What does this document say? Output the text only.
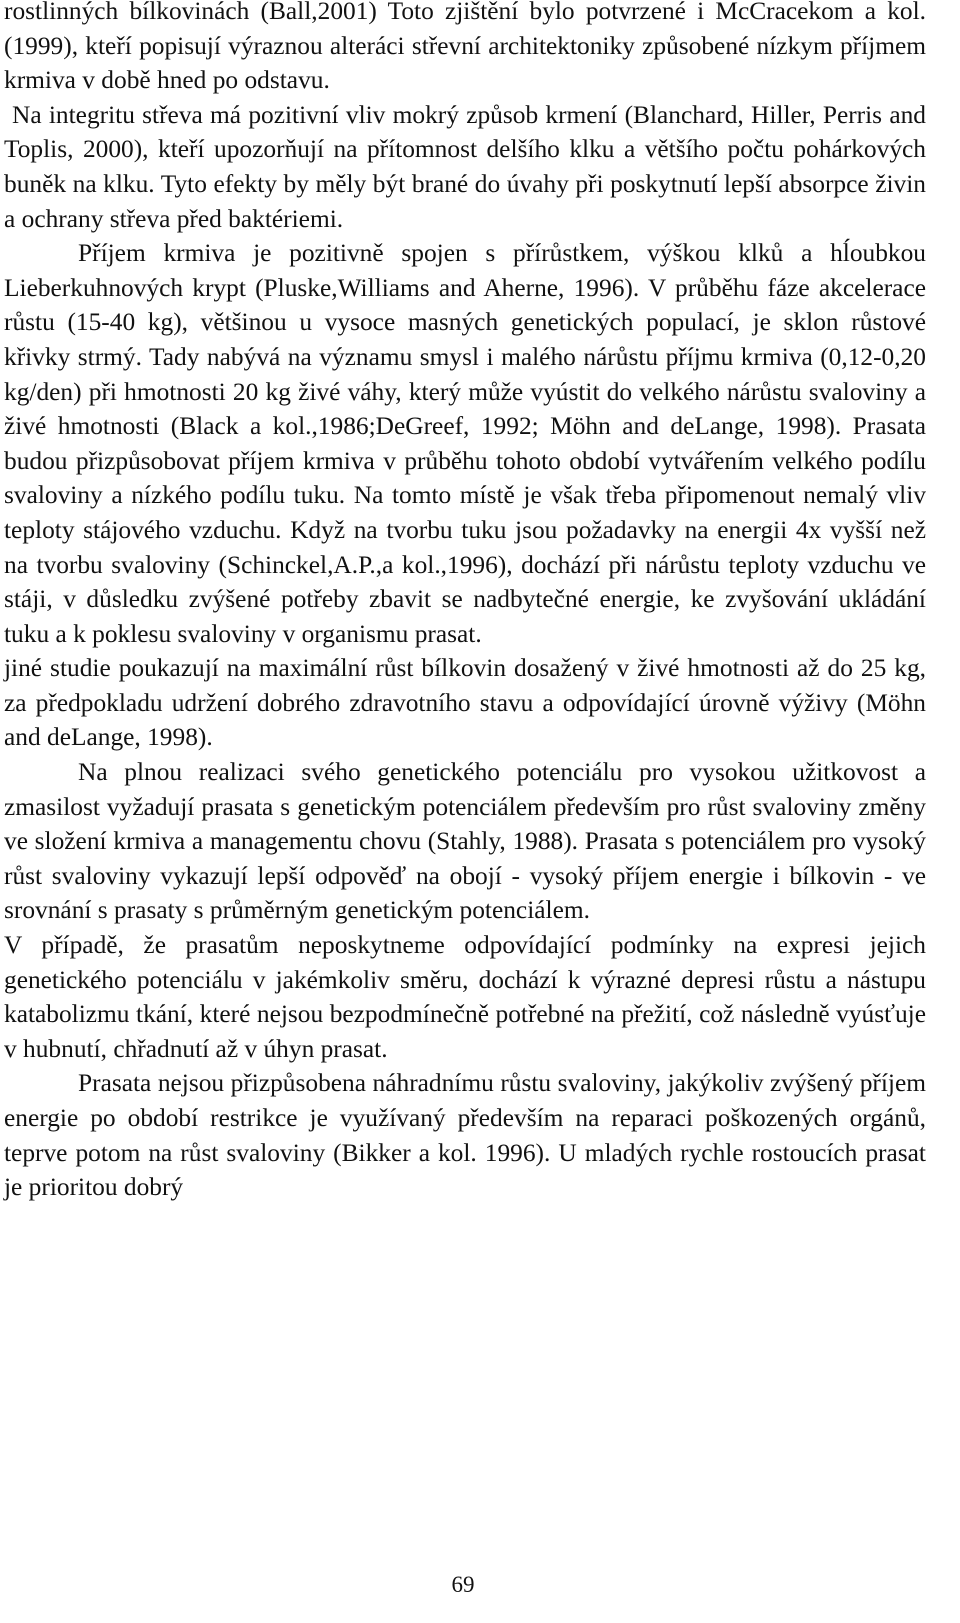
rostlinných bílkovinách (Ball,2001) Toto zjištění bylo potvrzené i McCracekom a kol. (1999), kteří popisují výraznou alteráci střevní architektoniky způsobené nízkym příjmem krmiva v době hned po odstavu.

Na integritu střeva má pozitivní vliv mokrý způsob krmení (Blanchard, Hiller, Perris and Toplis, 2000), kteří upozorňují na přítomnost delšího klku a většího počtu pohárkových buněk na klku. Tyto efekty by měly být brané do úvahy při poskytnutí lepší absorpce živin a ochrany střeva před baktériemi.

Příjem krmiva je pozitivně spojen s přírůstkem, výškou klků a hĺoubkou Lieberkuhnových krypt (Pluske,Williams and Aherne, 1996). V průběhu fáze akcelerace růstu (15-40 kg), většinou u vysoce masných genetických populací, je sklon růstové křivky strmý. Tady nabývá na významu smysl i malého nárůstu příjmu krmiva (0,12-0,20 kg/den) při hmotnosti 20 kg živé váhy, který může vyústit do velkého nárůstu svaloviny a živé hmotnosti (Black a kol.,1986;DeGreef, 1992; Möhn and deLange, 1998). Prasata budou přizpůsobovat příjem krmiva v průběhu tohoto období vytvářením velkého podílu svaloviny a nízkého podílu tuku. Na tomto místě je však třeba připomenout nemalý vliv teploty stájového vzduchu. Když na tvorbu tuku jsou požadavky na energii 4x vyšší než na tvorbu svaloviny (Schinckel,A.P.,a kol.,1996), dochází při nárůstu teploty vzduchu ve stáji, v důsledku zvýšené potřeby zbavit se nadbytečné energie, ke zvyšování ukládání tuku a k poklesu svaloviny v organismu prasat.

jiné studie poukazují na maximální růst bílkovin dosažený v živé hmotnosti až do 25 kg, za předpokladu udržení dobrého zdravotního stavu a odpovídající úrovně výživy (Möhn and deLange, 1998).

Na plnou realizaci svého genetického potenciálu pro vysokou užitkovost a zmasilost vyžadují prasata s genetickým potenciálem především pro růst svaloviny změny ve složení krmiva a managementu chovu (Stahly, 1988). Prasata s potenciálem pro vysoký růst svaloviny vykazují lepší odpověď na obojí - vysoký příjem energie i bílkovin - ve srovnání s prasaty s průměrným genetickým potenciálem.

V případě, že prasatům neposkytneme odpovídající podmínky na expresi jejich genetického potenciálu v jakémkoliv směru, dochází k výrazné depresi růstu a nástupu katabolizmu tkání, které nejsou bezpodmínečně potřebné na přežití, což následně vyúsťuje v hubnutí, chřadnutí až v úhyn prasat.

Prasata nejsou přizpůsobena náhradnímu růstu svaloviny, jakýkoliv zvýšený příjem energie po období restrikce je využívaný především na reparaci poškozených orgánů, teprve potom na růst svaloviny (Bikker a kol. 1996). U mladých rychle rostoucích prasat je prioritou dobrý

69
